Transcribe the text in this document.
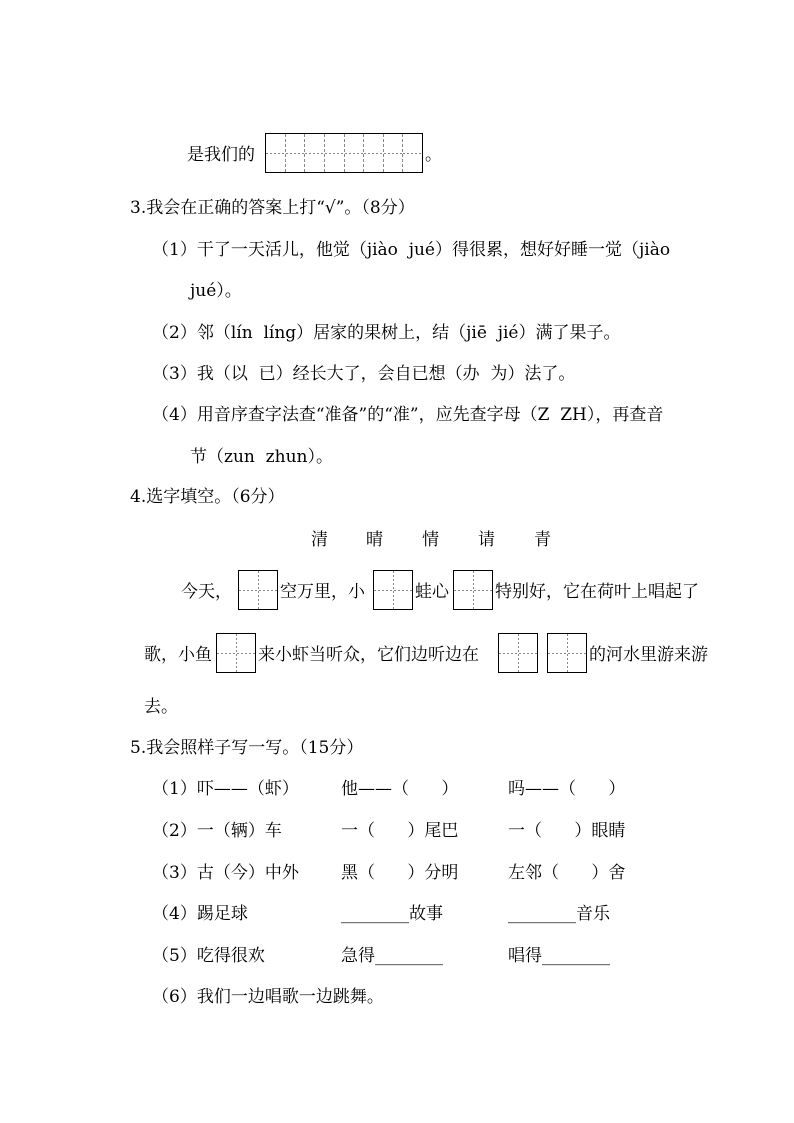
是我们的	。
3.我会在正确的答案上打“√”。（8分）
（1）干了一天活儿，他觉（jiào  jué）得很累，想好好睡一觉（jiào
jué）。
（2）邻（lín  líng）居家的果树上，结（jiē  jié）满了果子。
（3）我（以  已）经长大了，会自已想（办  为）法了。
（4）用音序查字法查“准备”的“准”，应先查字母（Z  ZH），再查音
节（zun  zhun）。
4.选字填空。（6分）
清 晴 情 请 青
今天，	空万里，小	蛙心	特别好，它在荷叶上唱起了
歌，小鱼	来小虾当听众，它们边听边在	的河水里游来游
去。
5.我会照样子写一写。（15分）
（1）吓——（虾） 他——（      ）	吗——（      ）
（2）一（辆）车	一（      ）尾巴	一（      ）眼睛
（3）古（今）中外 黑（      ）分明	左邻（      ）舍
（4）踢足球	________故事	________音乐
（5）吃得很欢	急得________	唱得________
（6）我们一边唱歌一边跳舞。
